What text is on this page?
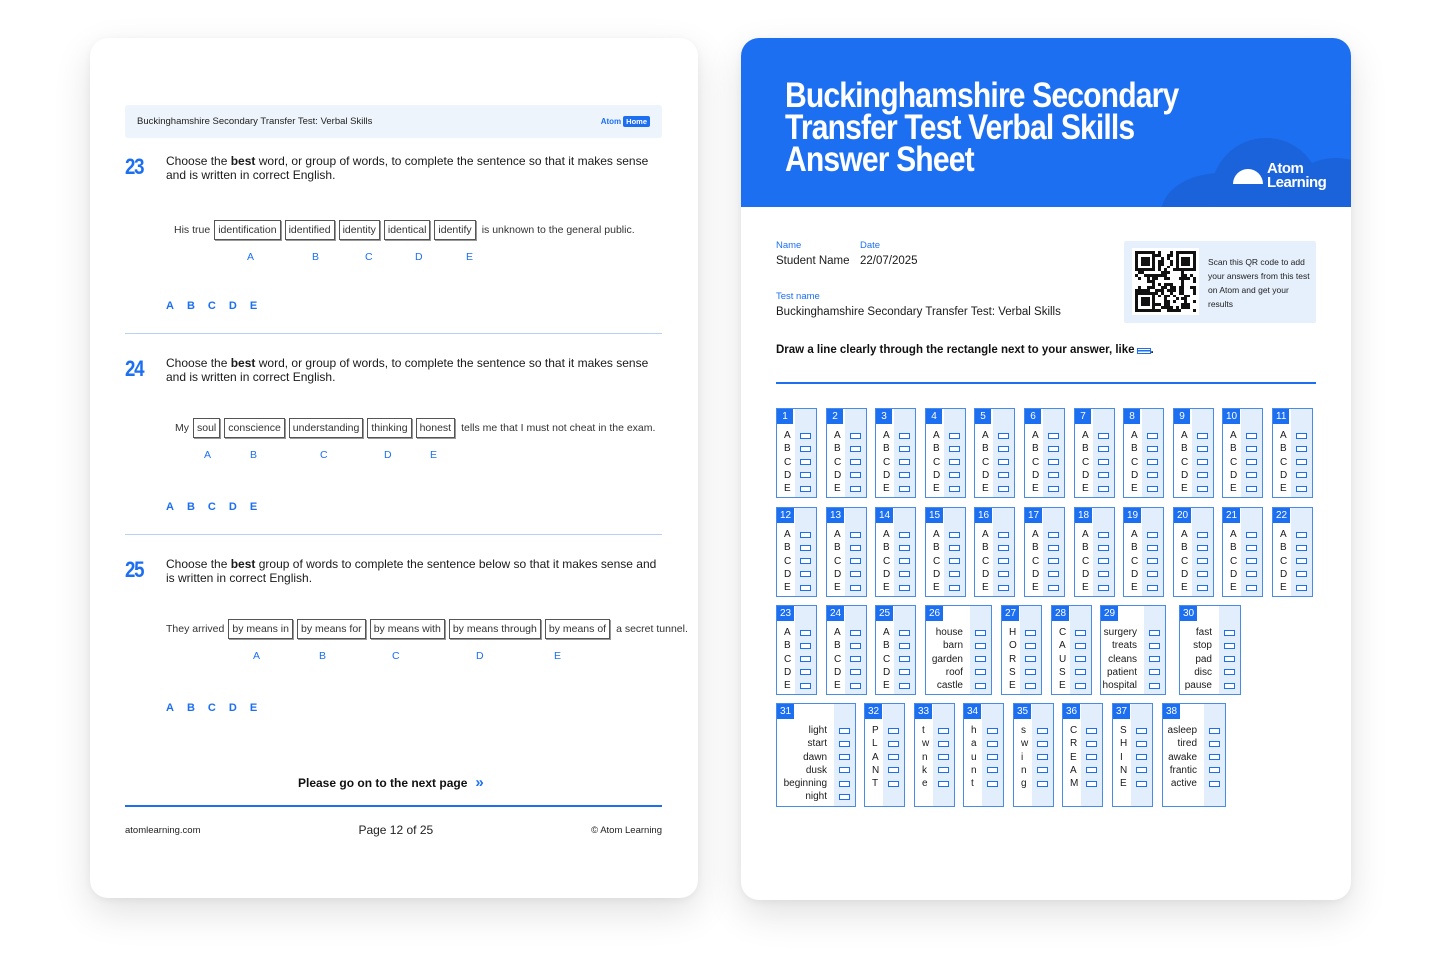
Buckinghamshire Secondary Transfer Test: Verbal Skills	Atom Home
23 Choose the best word, or group of words, to complete the sentence so that it makes sense and is written in correct English.
His true identification	identified	identity	identical	identify is unknown to the general public.
A	B	C	D	E
A B C D E
24 Choose the best word, or group of words, to complete the sentence so that it makes sense and is written in correct English.
My soul	conscience	understanding	thinking	honest tells me that I must not cheat in the exam.
A	B	C	D	E
A B C D E
25 Choose the best group of words to complete the sentence below so that it makes sense and is written in correct English.
They arrived by means in	by means for	by means with	by means through	by means of a secret tunnel.
A	B	C	D	E
A B C D E
Please go on to the next page »
atomlearning.com	Page 12 of 25	© Atom Learning
Buckinghamshire Secondary Transfer Test Verbal Skills Answer Sheet	Atom
Learning
Name
Student Name
Date
22/07/2025
Test name
Buckinghamshire Secondary Transfer Test: Verbal Skills
Scan this QR code to add your answers from this test on Atom and get your results
Draw a line clearly through the rectangle next to your answer, like ☒ .
1
A
B
C
D
E
2
A
B
C
D
E
3
A
B
C
D
E
4
A
B
C
D
E
5
A
B
C
D
E
6
A
B
C
D
E
7
A
B
C
D
E
8
A
B
C
D
E
9
A
B
C
D
E
10
A
B
C
D
E
11
A
B
C
D
E
12
A
B
C
D
E
13
A
B
C
D
E
14
A
B
C
D
E
15
A
B
C
D
E
16
A
B
C
D
E
17
A
B
C
D
E
18
A
B
C
D
E
19
A
B
C
D
E
20
A
B
C
D
E
21
A
B
C
D
E
22
A
B
C
D
E
23
A
B
C
D
E
24
A
B
C
D
E
25
A
B
C
D
E
26
house
barn
garden
roof
castle
27
H
O
R
S
E
28
C
A
U
S
E
29
surgery
treats
cleans
patient
hospital
30
fast
stop
pad
disc
pause
31
light
start
dawn
dusk
beginning
night
32
P
L
A
N
T
33
t
w
n
k
e
34
h
a
u
n
t
35
s
w
i
n
g
36
C
R
E
A
M
37
S
H
I
N
E
38
asleep
tired
awake
frantic
active
